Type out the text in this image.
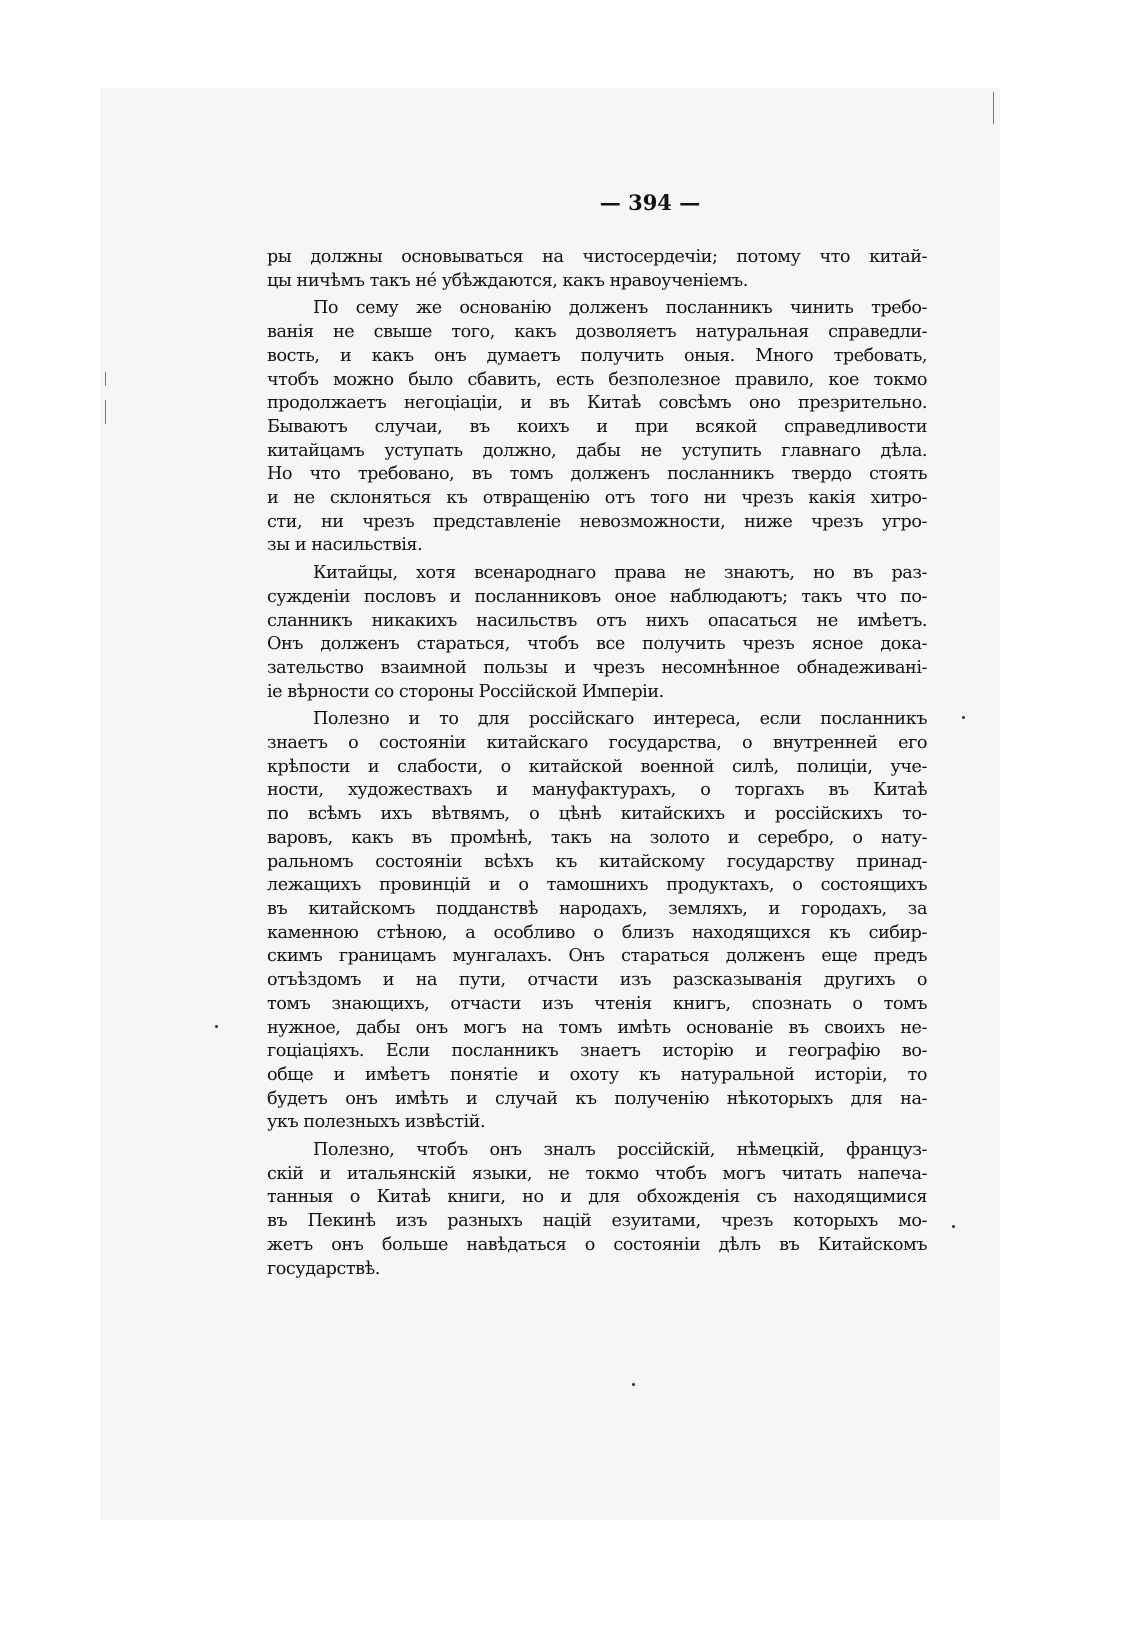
— 394 —
ры должны основываться на чистосердечіи; потому что китай-
цы ничѣмъ такъ нé убѣждаются, какъ нравоученіемъ.
По сему же основанію долженъ посланникъ чинить требо-
ванія не свыше того, какъ дозволяетъ натуральная справедли-
вость, и какъ онъ думаетъ получить оныя. Много требовать,
чтобъ можно было сбавить, есть безполезное правило, кое токмо
продолжаетъ негоціаціи, и въ Китаѣ совсѣмъ оно презрительно.
Бываютъ случаи, въ коихъ и при всякой справедливости
китайцамъ уступать должно, дабы не уступить главнаго дѣла.
Но что требовано, въ томъ долженъ посланникъ твердо стоять
и не склоняться къ отвращенію отъ того ни чрезъ какія хитро-
сти, ни чрезъ представленіе невозможности, ниже чрезъ угро-
зы и насильствія.
Китайцы, хотя всенароднаго права не знаютъ, но въ раз-
сужденіи пословъ и посланниковъ оное наблюдаютъ; такъ что по-
сланникъ никакихъ насильствъ отъ нихъ опасаться не имѣетъ.
Онъ долженъ стараться, чтобъ все получить чрезъ ясное дока-
зательство взаимной пользы и чрезъ несомнѣнное обнадеживанi-
іе вѣрности со стороны Россійской Имперіи.
Полезно и то для россійскаго интереса, если посланникъ
знаетъ о состояніи китайскаго государства, о внутренней его
крѣпости и слабости, о китайской военной силѣ, полиціи, уче-
ности, художествахъ и мануфактурахъ, о торгахъ въ Китаѣ
по всѣмъ ихъ вѣтвямъ, о цѣнѣ китайскихъ и россійскихъ то-
варовъ, какъ въ промѣнѣ, такъ на золото и серебро, о нату-
ральномъ состояніи всѣхъ къ китайскому государству принад-
лежащихъ провинцій и о тамошнихъ продуктахъ, о состоящихъ
въ китайскомъ подданствѣ народахъ, земляхъ, и городахъ, за
каменною стѣною, а особливо о близъ находящихся къ сибир-
скимъ границамъ мунгалахъ. Онъ стараться долженъ еще предъ
отъѣздомъ и на пути, отчасти изъ разсказыванія другихъ о
томъ знающихъ, отчасти изъ чтенія книгъ, спознать о томъ
нужное, дабы онъ могъ на томъ имѣть основаніе въ своихъ не-
гоціаціяхъ. Если посланникъ знаетъ исторію и географію во-
обще и имѣетъ понятіе и охоту къ натуральной исторіи, то
будетъ онъ имѣть и случай къ полученію нѣкоторыхъ для на-
укъ полезныхъ извѣстій.
Полезно, чтобъ онъ зналъ россійскій, нѣмецкій, француз-
скій и итальянскій языки, не токмо чтобъ могъ читать напеча-
танныя о Китаѣ книги, но и для обхожденія съ находящимися
въ Пекинѣ изъ разныхъ націй езуитами, чрезъ которыхъ мо-
жетъ онъ больше навѣдаться о состояніи дѣлъ въ Китайскомъ
государствѣ.
